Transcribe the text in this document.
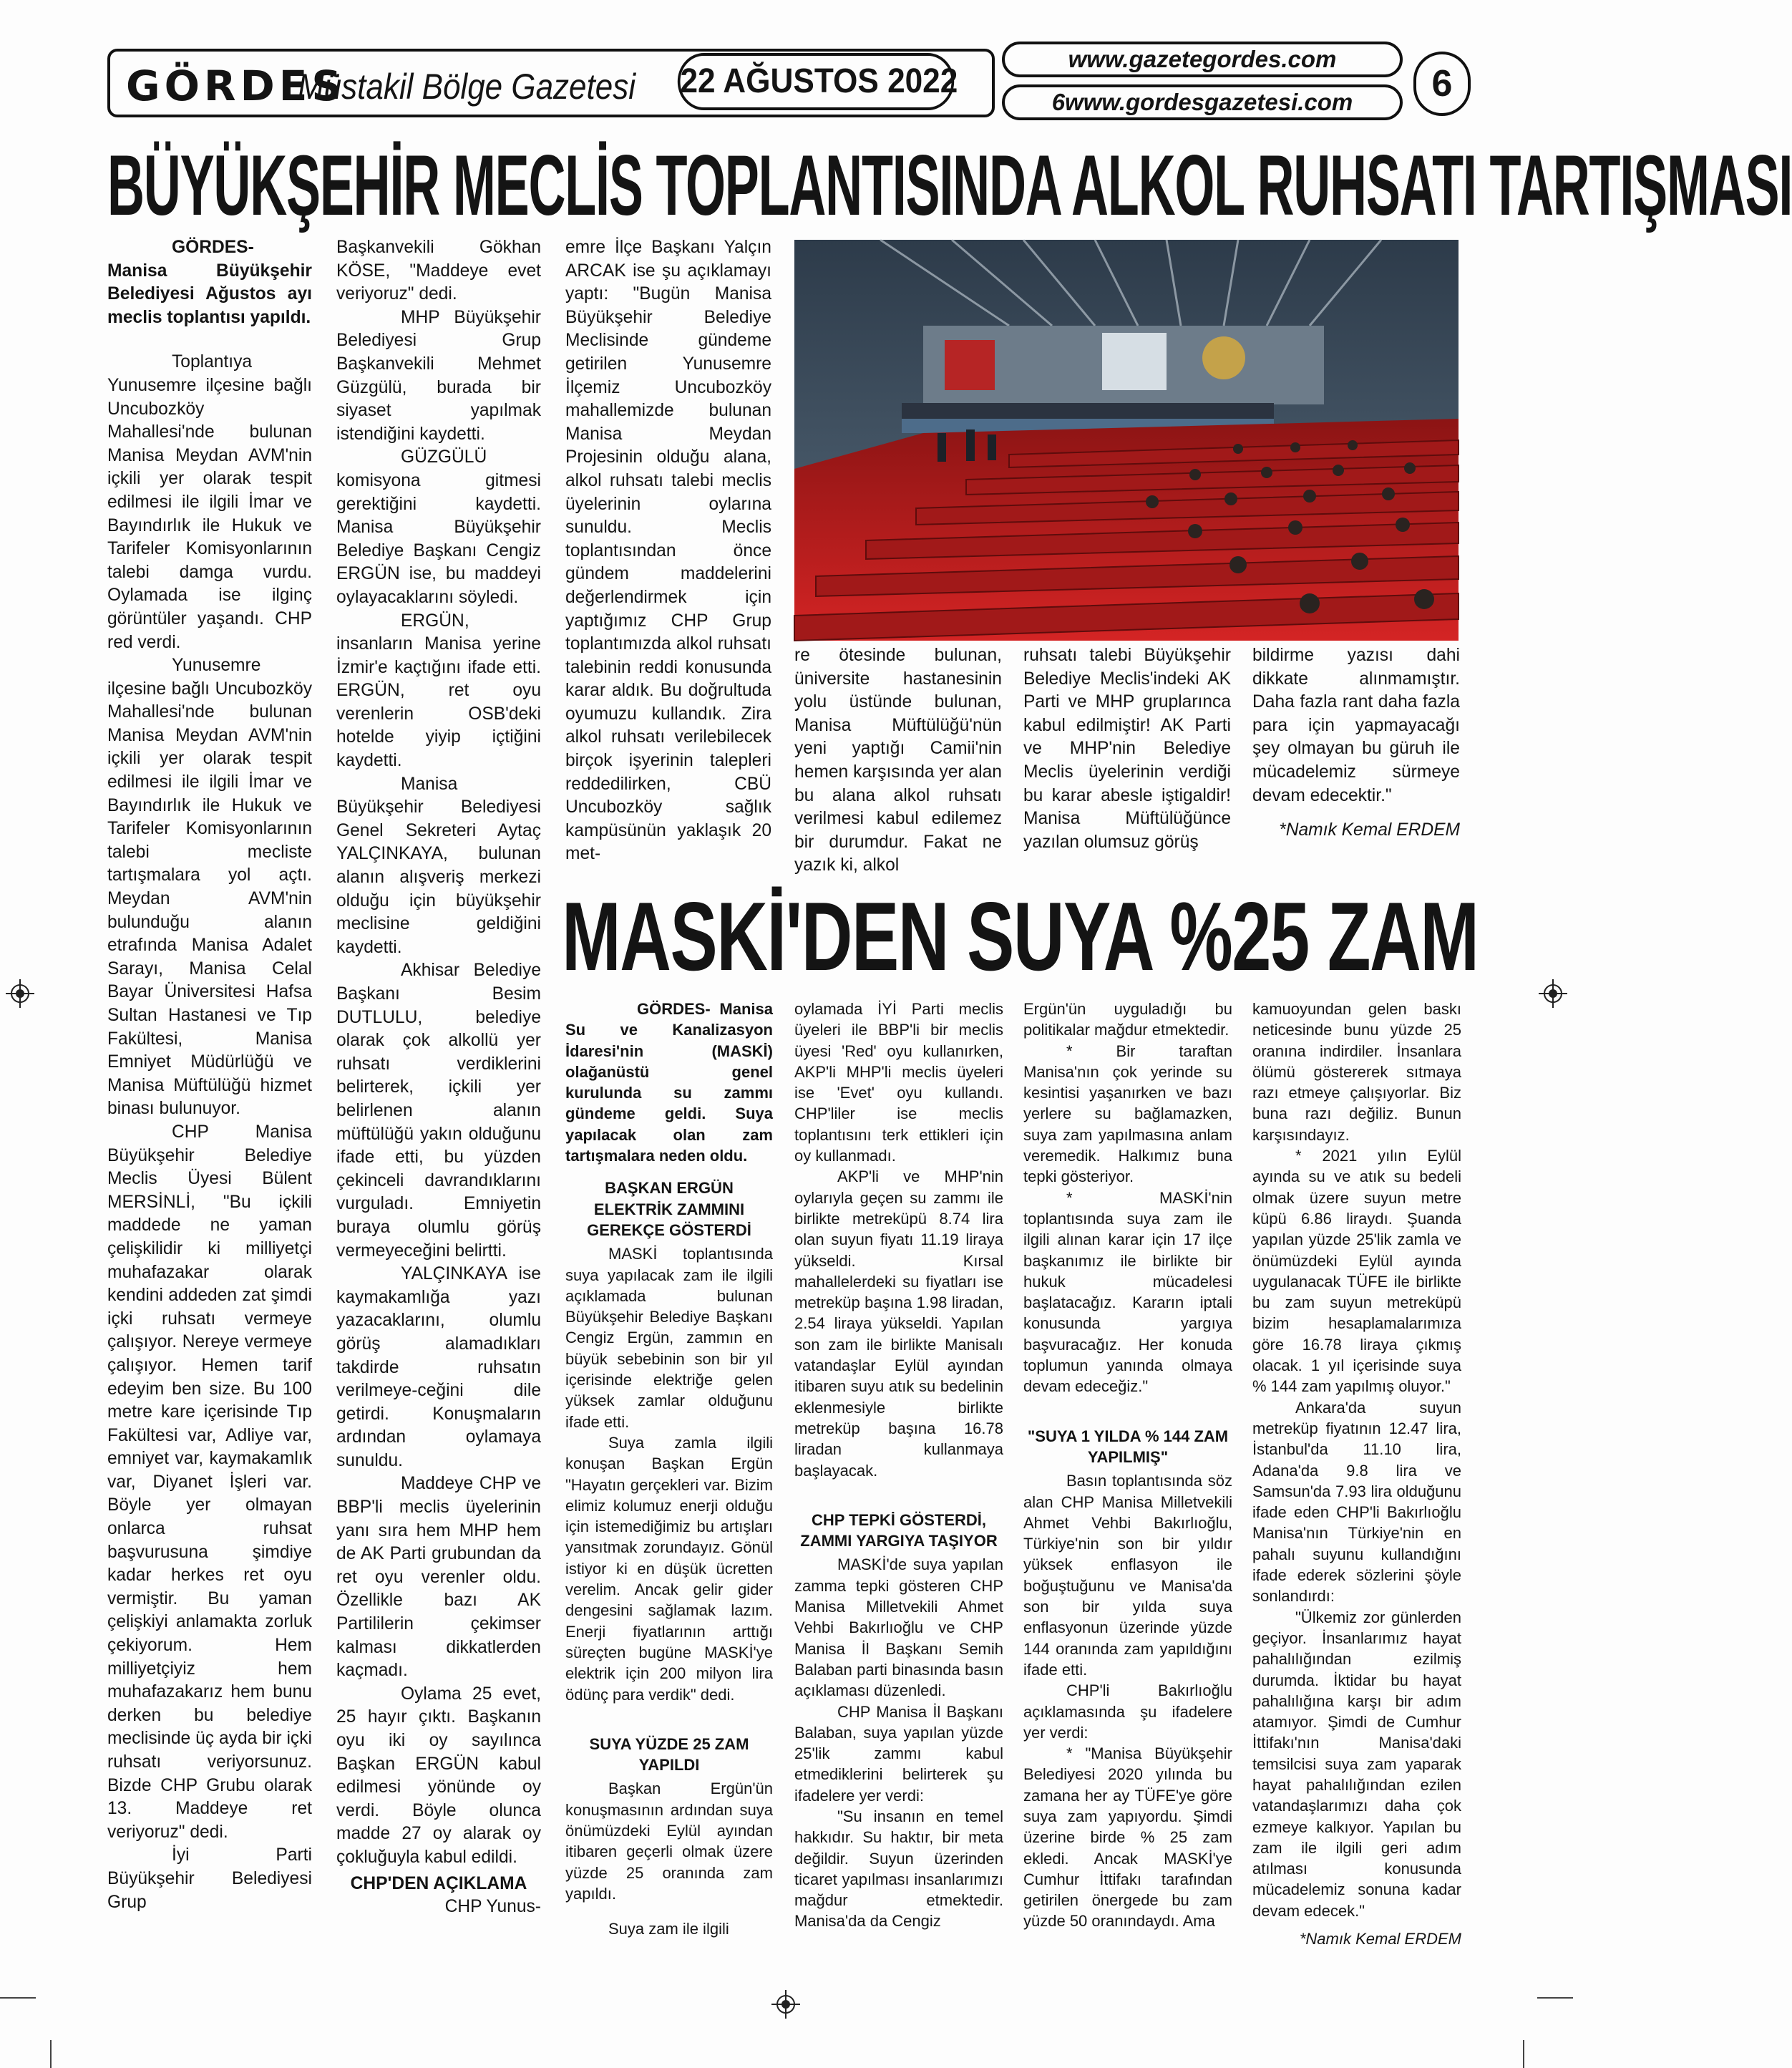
GÖRDES
Müstakil Bölge Gazetesi 22 AĞUSTOS 2022
www.gazetegordes.com
6www.gordesgazetesi.com	6
BÜYÜKŞEHİR MECLİS TOPLANTISINDA ALKOL RUHSATI TARTIŞMASI

GÖRDES- Manisa Büyükşehir Belediyesi Ağustos ayı meclis toplantısı yapıldı.

Toplantıya Yunusemre ilçesine bağlı Uncubozköy Mahallesi'nde bulunan Manisa Meydan AVM'nin içkili yer olarak tespit edilmesi ile ilgili İmar ve Bayındırlık ile Hukuk ve Tarifeler Komisyonlarının talebi damga vurdu. Oylamada ise ilginç görüntüler yaşandı. CHP red verdi.

Yunusemre ilçesine bağlı Uncubozköy Mahallesi'nde bulunan Manisa Meydan AVM'nin içkili yer olarak tespit edilmesi ile ilgili İmar ve Bayındırlık ile Hukuk ve Tarifeler Komisyonlarının talebi mecliste tartışmalara yol açtı. Meydan AVM'nin bulunduğu alanın etrafında Manisa Adalet Sarayı, Manisa Celal Bayar Üniversitesi Hafsa Sultan Hastanesi ve Tıp Fakültesi, Manisa Emniyet Müdürlüğü ve Manisa Müftülüğü hizmet binası bulunuyor.

CHP Manisa Büyükşehir Belediye Meclis Üyesi Bülent MERSİNLİ, "Bu içkili maddede ne yaman çelişkilidir ki milliyetçi muhafazakar olarak kendini addeden zat şimdi içki ruhsatı vermeye çalışıyor. Nereye vermeye çalışıyor. Hemen tarif edeyim ben size. Bu 100 metre kare içerisinde Tıp Fakültesi var, Adliye var, emniyet var, kaymakamlık var, Diyanet İşleri var. Böyle yer olmayan onlarca ruhsat başvurusuna şimdiye kadar herkes ret oyu vermiştir. Bu yaman çelişkiyi anlamakta zorluk çekiyorum. Hem milliyetçiyiz hem muhafazakarız hem bunu derken bu belediye meclisinde üç ayda bir içki ruhsatı veriyorsunuz. Bizde CHP Grubu olarak 13. Maddeye ret veriyoruz" dedi.

İyi Parti Büyükşehir Belediyesi Grup

Başkanvekili Gökhan KÖSE, "Maddeye evet veriyoruz" dedi.

MHP Büyükşehir Belediyesi Grup Başkanvekili Mehmet Güzgülü, burada bir siyaset yapılmak istendiğini kaydetti.

GÜZGÜLÜ komisyona gitmesi gerektiğini kaydetti. Manisa Büyükşehir Belediye Başkanı Cengiz ERGÜN ise, bu maddeyi oylayacaklarını söyledi.

ERGÜN, insanların Manisa yerine İzmir'e kaçtığını ifade etti. ERGÜN, ret oyu verenlerin OSB'deki hotelde yiyip içtiğini kaydetti.

Manisa Büyükşehir Belediyesi Genel Sekreteri Aytaç YALÇINKAYA, bulunan alanın alışveriş merkezi olduğu için büyükşehir meclisine geldiğini kaydetti.

Akhisar Belediye Başkanı Besim DUTLULU, belediye olarak çok alkollü yer ruhsatı verdiklerini belirterek, içkili yer belirlenen alanın müftülüğü yakın olduğunu ifade etti, bu yüzden çekinceli davrandıklarını vurguladı. Emniyetin buraya olumlu görüş vermeyeceğini belirtti.

YALÇINKAYA ise kaymakamlığa yazı yazacaklarını, olumlu görüş alamadıkları takdirde ruhsatın verilmeye-ceğini dile getirdi. Konuşmaların ardından oylamaya sunuldu.

Maddeye CHP ve BBP'li meclis üyelerinin yanı sıra hem MHP hem de AK Parti grubundan da ret oyu verenler oldu. Özellikle bazı AK Partililerin çekimser kalması dikkatlerden kaçmadı.

Oylama 25 evet, 25 hayır çıktı. Başkanın oyu iki oy sayılınca Başkan ERGÜN kabul edilmesi yönünde oy verdi. Böyle olunca madde 27 oy alarak oy çokluğuyla kabul edildi.

CHP'DEN AÇIKLAMA

CHP Yunus-

emre İlçe Başkanı Yalçın ARCAK ise şu açıklamayı yaptı: "Bugün Manisa Büyükşehir Belediye Meclisinde gündeme getirilen Yunusemre İlçemiz Uncubozköy mahallemizde bulunan Manisa Meydan Projesinin olduğu alana, alkol ruhsatı talebi meclis üyelerinin oylarına sunuldu. Meclis toplantısından önce gündem maddelerini değerlendirmek için yaptığımız CHP Grup toplantımızda alkol ruhsatı talebinin reddi konusunda karar aldık. Bu doğrultuda oyumuzu kullandık. Zira alkol ruhsatı verilebilecek birçok işyerinin talepleri reddedilirken, CBÜ Uncubozköy sağlık kampüsünün yaklaşık 20 met-

re ötesinde bulunan, üniversite hastanesinin yolu üstünde bulunan, Manisa Müftülüğü'nün yeni yaptığı Camii'nin hemen karşısında yer alan bu alana alkol ruhsatı verilmesi kabul edilemez bir durumdur. Fakat ne yazık ki, alkol

ruhsatı talebi Büyükşehir Belediye Meclis'indeki AK Parti ve MHP gruplarınca kabul edilmiştir! AK Parti ve MHP'nin Belediye Meclis üyelerinin verdiği bu karar abesle iştigaldir! Manisa Müftülüğünce yazılan olumsuz görüş

bildirme yazısı dahi dikkate alınmamıştır. Daha fazla rant daha fazla para için yapmayacağı şey olmayan bu güruh ile mücadelemiz sürmeye devam edecektir."

*Namık Kemal ERDEM

MASKİ'DEN SUYA %25 ZAM

GÖRDES- Manisa Su ve Kanalizasyon İdaresi'nin (MASKİ) olağanüstü genel kurulunda su zammı gündeme geldi. Suya yapılacak olan zam tartışmalara neden oldu.

BAŞKAN ERGÜN ELEKTRİK ZAMMINI GEREKÇE GÖSTERDİ

MASKİ toplantısında suya yapılacak zam ile ilgili açıklamada bulunan Büyükşehir Belediye Başkanı Cengiz Ergün, zammın en büyük sebebinin son bir yıl içerisinde elektriğe gelen yüksek zamlar olduğunu ifade etti.

Suya zamla ilgili konuşan Başkan Ergün "Hayatın gerçekleri var. Bizim elimiz kolumuz enerji olduğu için istemediğimiz bu artışları yansıtmak zorundayız. Gönül istiyor ki en düşük ücretten verelim. Ancak gelir gider dengesini sağlamak lazım. Enerji fiyatlarının arttığı süreçten bugüne MASKİ'ye elektrik için 200 milyon lira ödünç para verdik" dedi.

SUYA YÜZDE 25 ZAM YAPILDI

Başkan Ergün'ün konuşmasının ardından suya önümüzdeki Eylül ayından itibaren geçerli olmak üzere yüzde 25 oranında zam yapıldı.

Suya zam ile ilgili

oylamada İYİ Parti meclis üyeleri ile BBP'li bir meclis üyesi 'Red' oyu kullanırken, AKP'li MHP'li meclis üyeleri ise 'Evet' oyu kullandı. CHP'liler ise meclis toplantısını terk ettikleri için oy kullanmadı.

AKP'li ve MHP'nin oylarıyla geçen su zammı ile birlikte metreküpü 8.74 lira olan suyun fiyatı 11.19 liraya yükseldi. Kırsal mahallelerdeki su fiyatları ise metreküp başına 1.98 liradan, 2.54 liraya yükseldi. Yapılan son zam ile birlikte Manisalı vatandaşlar Eylül ayından itibaren suyu atık su bedelinin eklenmesiyle birlikte metreküp başına 16.78 liradan kullanmaya başlayacak.

CHP TEPKİ GÖSTERDİ, ZAMMI YARGIYA TAŞIYOR

MASKİ'de suya yapılan zamma tepki gösteren CHP Manisa Milletvekili Ahmet Vehbi Bakırlıoğlu ve CHP Manisa İl Başkanı Semih Balaban parti binasında basın açıklaması düzenledi.

CHP Manisa İl Başkanı Balaban, suya yapılan yüzde 25'lik zammı kabul etmediklerini belirterek şu ifadelere yer verdi:

"Su insanın en temel hakkıdır. Su haktır, bir meta değildir. Suyun üzerinden ticaret yapılması insanlarımızı mağdur etmektedir. Manisa'da da Cengiz

Ergün'ün uyguladığı bu politikalar mağdur etmektedir.

* Bir taraftan Manisa'nın çok yerinde su kesintisi yaşanırken ve bazı yerlere su bağlamazken, suya zam yapılmasına anlam veremedik. Halkımız buna tepki gösteriyor.

* MASKİ'nin toplantısında suya zam ile ilgili alınan karar için 17 ilçe başkanımız ile birlikte bir hukuk mücadelesi başlatacağız. Kararın iptali konusunda yargıya başvuracağız. Her konuda toplumun yanında olmaya devam edeceğiz."

"SUYA 1 YILDA % 144 ZAM YAPILMIŞ"

Basın toplantısında söz alan CHP Manisa Milletvekili Ahmet Vehbi Bakırlıoğlu, Türkiye'nin son bir yıldır yüksek enflasyon ile boğuştuğunu ve Manisa'da son bir yılda suya enflasyonun üzerinde yüzde 144 oranında zam yapıldığını ifade etti.

CHP'li Bakırlıoğlu açıklamasında şu ifadelere yer verdi:

* "Manisa Büyükşehir Belediyesi 2020 yılında bu zamana her ay TÜFE'ye göre suya zam yapıyordu. Şimdi üzerine birde % 25 zam ekledi. Ancak MASKİ'ye Cumhur İttifakı tarafından getirilen önergede bu zam yüzde 50 oranındaydı. Ama

kamuoyundan gelen baskı neticesinde bunu yüzde 25 oranına indirdiler. İnsanlara ölümü göstererek sıtmaya razı etmeye çalışıyorlar. Biz buna razı değiliz. Bunun karşısındayız.

* 2021 yılın Eylül ayında su ve atık su bedeli olmak üzere suyun metre küpü 6.86 liraydı. Şuanda yapılan yüzde 25'lik zamla ve önümüzdeki Eylül ayında uygulanacak TÜFE ile birlikte bu zam suyun metreküpü bizim hesaplamalarımıza göre 16.78 liraya çıkmış olacak. 1 yıl içerisinde suya % 144 zam yapılmış oluyor."

Ankara'da suyun metreküp fiyatının 12.47 lira, İstanbul'da 11.10 lira, Adana'da 9.8 lira ve Samsun'da 7.93 lira olduğunu ifade eden CHP'li Bakırlıoğlu Manisa'nın Türkiye'nin en pahalı suyunu kullandığını ifade ederek sözlerini şöyle sonlandırdı:

"Ülkemiz zor günlerden geçiyor. İnsanlarımız hayat pahalılığından ezilmiş durumda. İktidar bu hayat pahalılığına karşı bir adım atamıyor. Şimdi de Cumhur İttifakı'nın Manisa'daki temsilcisi suya zam yaparak hayat pahalılığından ezilen vatandaşlarımızı daha çok ezmeye kalkıyor. Yapılan bu zam ile ilgili geri adım atılması konusunda mücadelemiz sonuna kadar devam edecek."

*Namık Kemal ERDEM
